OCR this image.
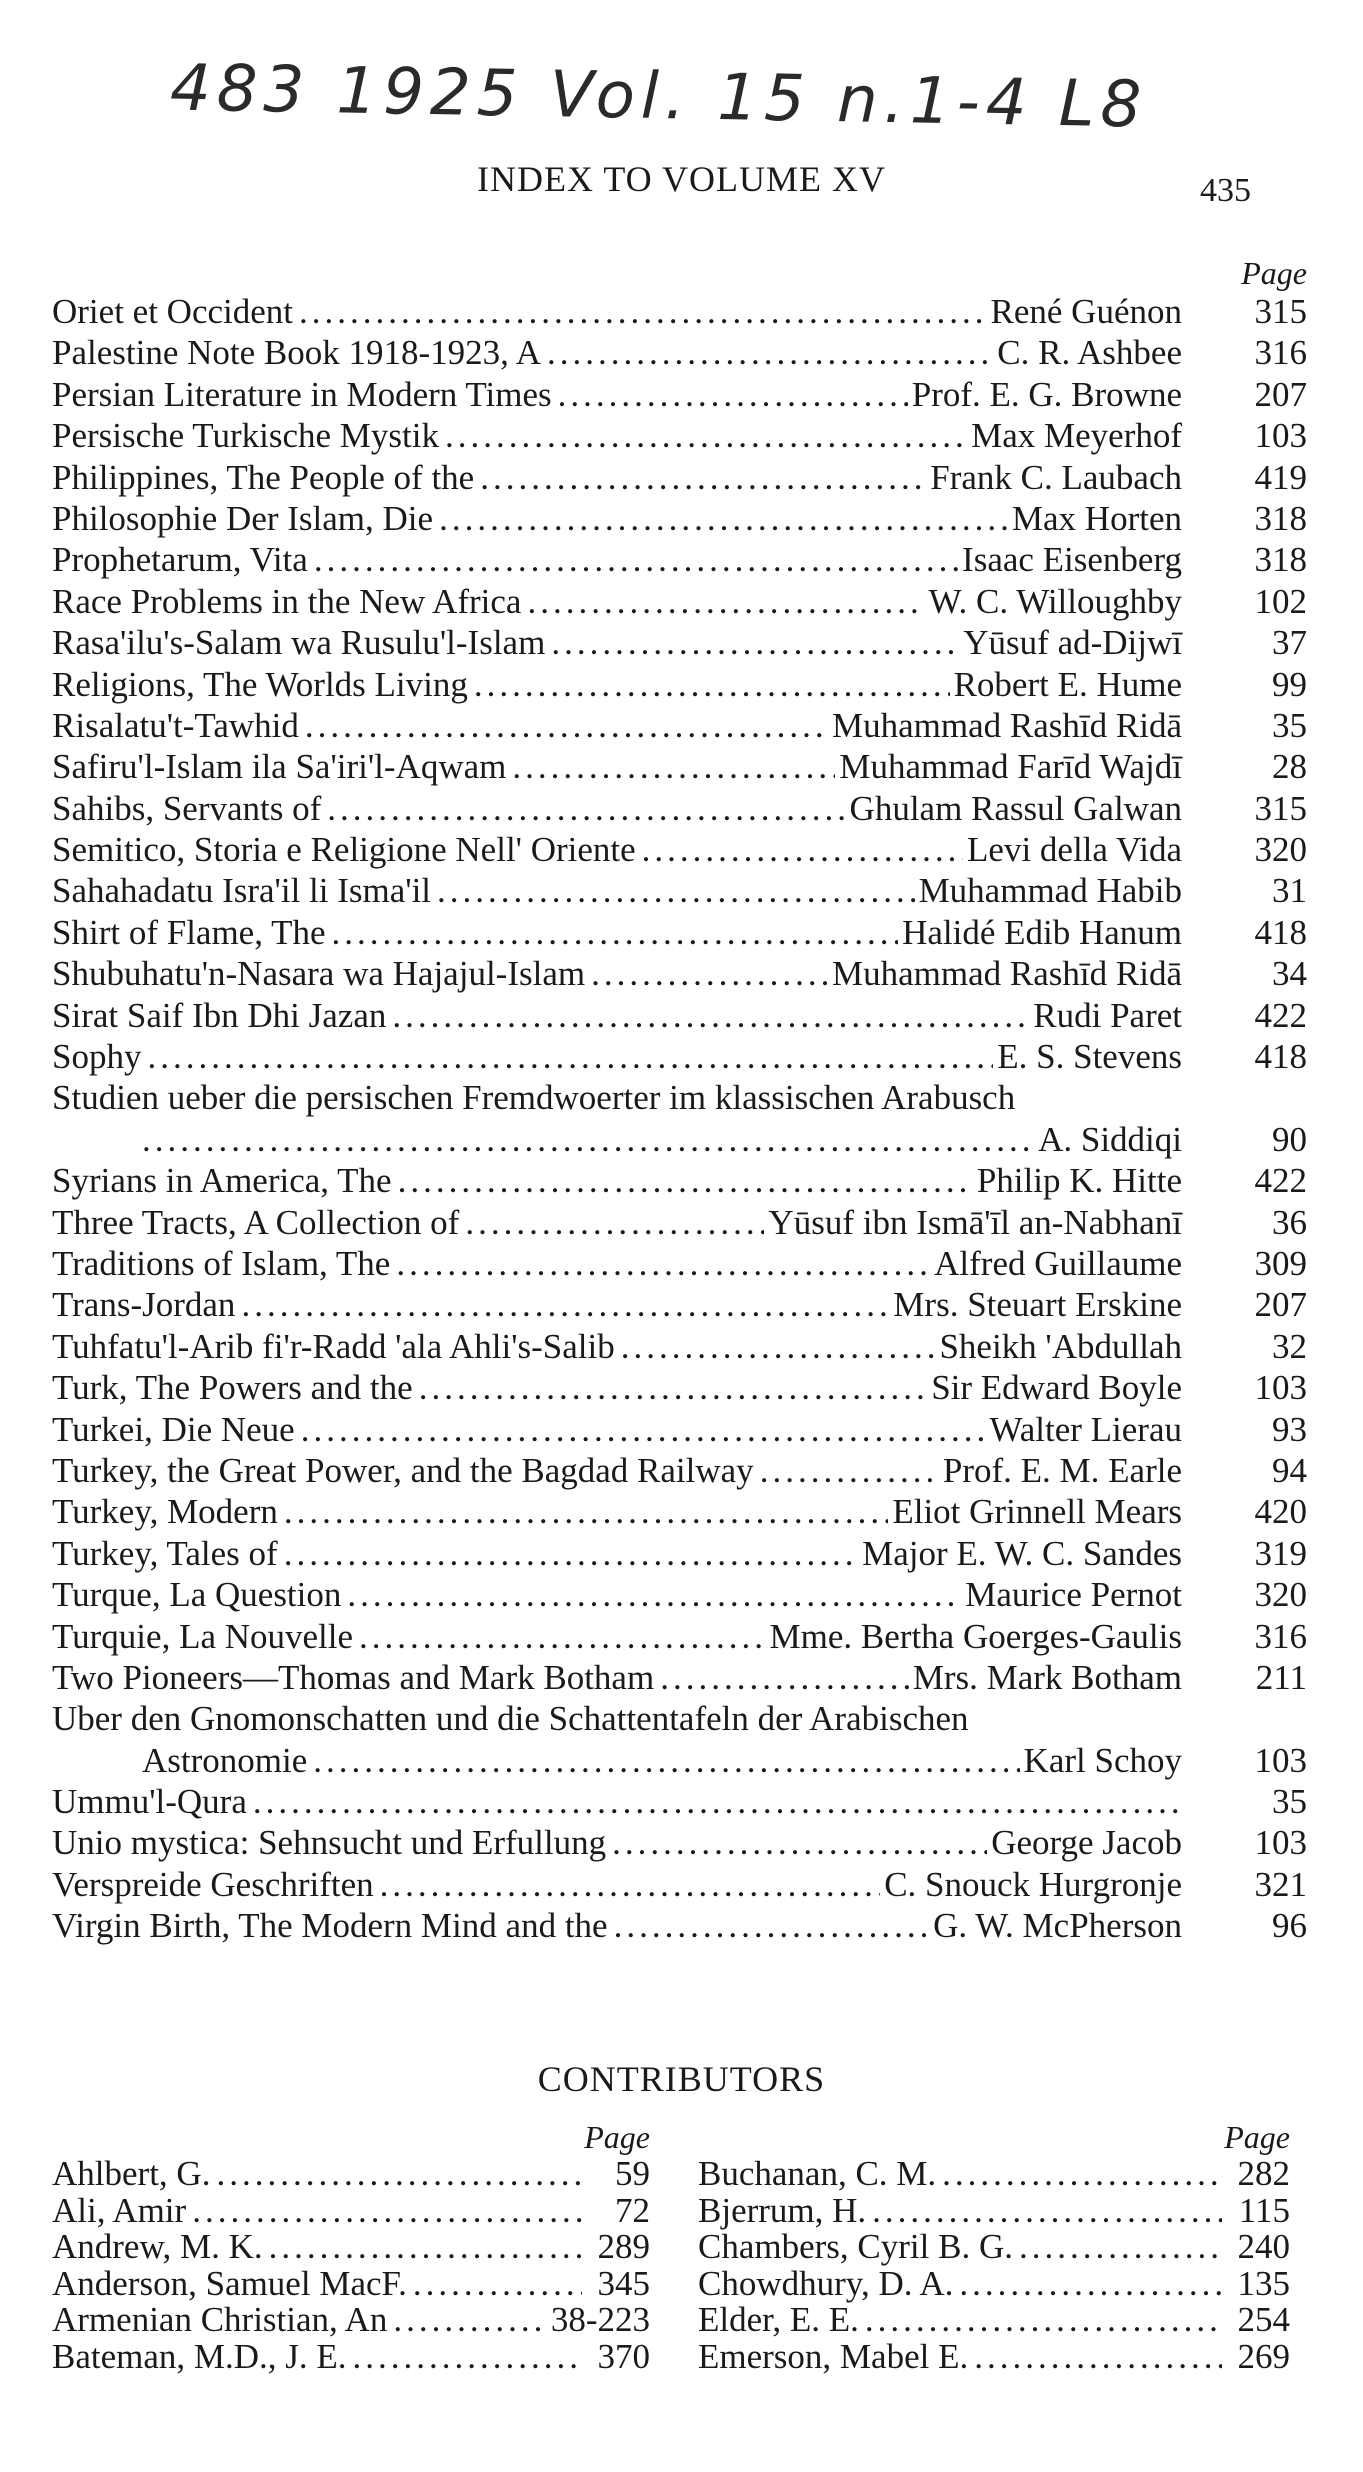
483 1925 Vol. 15 n.1-4 L8
INDEX TO VOLUME XV	435
Page
Oriet et Occident .....	René Guénon	315
Palestine Note Book 1918-1923, A .....	C. R. Ashbee	316
Persian Literature in Modern Times .....	Prof. E. G. Browne	207
Persische Turkische Mystik .....	Max Meyerhof	103
Philippines, The People of the .....	Frank C. Laubach	419
Philosophie Der Islam, Die .....	Max Horten	318
Prophetarum, Vita .....	Isaac Eisenberg	318
Race Problems in the New Africa .....	W. C. Willoughby	102
Rasa'ilu's-Salam wa Rusulu'l-Islam .....	Yūsuf ad-Dijwī	37
Religions, The Worlds Living .....	Robert E. Hume	99
Risalatu't-Tawhid .....	Muhammad Rashīd Ridā	35
Safiru'l-Islam ila Sa'iri'l-Aqwam .....	Muhammad Farīd Wajdī	28
Sahibs, Servants of .....	Ghulam Rassul Galwan	315
Semitico, Storia e Religione Nell' Oriente .....	Levi della Vida	320
Sahahadatu Isra'il li Isma'il .....	Muhammad Habib	31
Shirt of Flame, The .....	Halidé Edib Hanum	418
Shubuhatu'n-Nasara wa Hajajul-Islam .....	Muhammad Rashīd Ridā	34
Sirat Saif Ibn Dhi Jazan .....	Rudi Paret	422
Sophy .....	E. S. Stevens	418
Studien ueber die persischen Fremdwoerter im klassischen Arabusch
.....
A. Siddiqi	90
Syrians in America, The .....	Philip K. Hitte	422
Three Tracts, A Collection of .....	Yūsuf ibn Ismā'īl an-Nabhanī	36
Traditions of Islam, The .....	Alfred Guillaume	309
Trans-Jordan .....	Mrs. Steuart Erskine	207
Tuhfatu'l-Arib fi'r-Radd 'ala Ahli's-Salib .....	Sheikh 'Abdullah	32
Turk, The Powers and the .....	Sir Edward Boyle	103
Turkei, Die Neue .....	Walter Lierau	93
Turkey, the Great Power, and the Bagdad Railway .....	Prof. E. M. Earle	94
Turkey, Modern .....	Eliot Grinnell Mears	420
Turkey, Tales of .....	Major E. W. C. Sandes	319
Turque, La Question .....	Maurice Pernot	320
Turquie, La Nouvelle .....	Mme. Bertha Goerges-Gaulis	316
Two Pioneers—Thomas and Mark Botham .....	Mrs. Mark Botham	211
Uber den Gnomonschatten und die Schattentafeln der Arabischen
Astronomie .....	Karl Schoy	103
Ummu'l-Qura .....	35
Unio mystica: Sehnsucht und Erfullung .....	George Jacob	103
Verspreide Geschriften .....	C. Snouck Hurgronje	321
Virgin Birth, The Modern Mind and the .....	G. W. McPherson	96
CONTRIBUTORS
Page
Ahlbert, G. .....	59
Ali, Amir .....	72
Andrew, M. K. .....	289
Anderson, Samuel MacF. .....	345
Armenian Christian, An .....	38-223
Bateman, M.D., J. E. .....	370
Page
Buchanan, C. M. .....	282
Bjerrum, H. .....	115
Chambers, Cyril B. G. .....	240
Chowdhury, D. A. .....	135
Elder, E. E. .....	254
Emerson, Mabel E. .....	269
